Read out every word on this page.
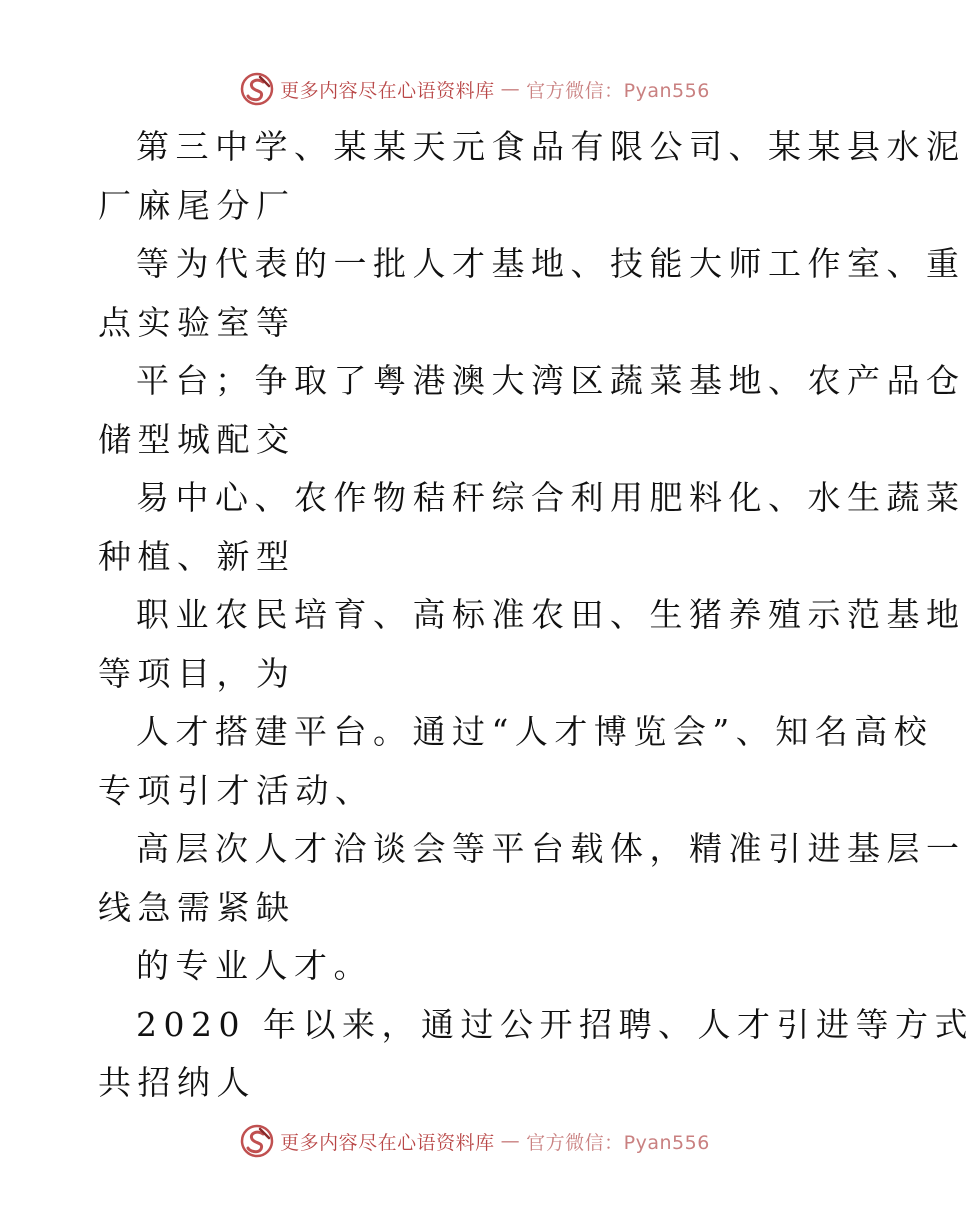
更多内容尽在心语资料库 — 官方微信：Pyan556
第三中学、某某天元食品有限公司、某某县水泥
厂麻尾分厂
等为代表的一批人才基地、技能大师工作室、重
点实验室等
平台；争取了粤港澳大湾区蔬菜基地、农产品仓
储型城配交
易中心、农作物秸秆综合利用肥料化、水生蔬菜
种植、新型
职业农民培育、高标准农田、生猪养殖示范基地
等项目，为
人才搭建平台。通过“人才博览会”、知名高校
专项引才活动、
高层次人才洽谈会等平台载体，精准引进基层一
线急需紧缺
的专业人才。
2020 年以来，通过公开招聘、人才引进等方式
共招纳人
更多内容尽在心语资料库 — 官方微信：Pyan556
